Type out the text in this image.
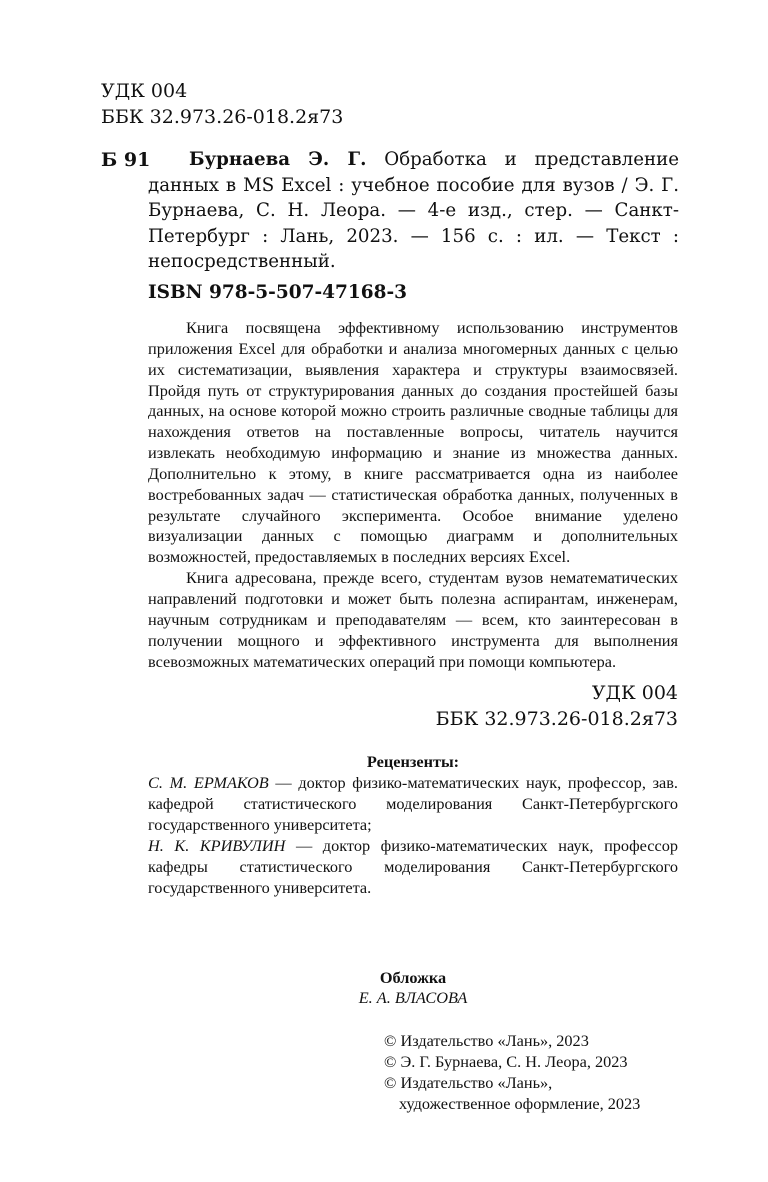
УДК 004
ББК 32.973.26-018.2я73
Б 91	Бурнаева Э. Г. Обработка и представление данных в MS Excel : учебное пособие для вузов / Э. Г. Бурнаева, С. Н. Леора. — 4-е изд., стер. — Санкт-Петербург : Лань, 2023. — 156 с. : ил. — Текст : непосредственный.
ISBN 978-5-507-47168-3

Книга посвящена эффективному использованию инструментов приложения Excel для обработки и анализа многомерных данных с целью их систематизации, выявления характера и структуры взаимосвязей. Пройдя путь от структурирования данных до создания простейшей базы данных, на основе которой можно строить различные сводные таблицы для нахождения ответов на поставленные вопросы, читатель научится извлекать необходимую информацию и знание из множества данных. Дополнительно к этому, в книге рассматривается одна из наиболее востребованных задач — статистическая обработка данных, полученных в результате случайного эксперимента. Особое внимание уделено визуализации данных с помощью диаграмм и дополнительных возможностей, предоставляемых в последних версиях Excel.

Книга адресована, прежде всего, студентам вузов нематематических направлений подготовки и может быть полезна аспирантам, инженерам, научным сотрудникам и преподавателям — всем, кто заинтересован в получении мощного и эффективного инструмента для выполнения всевозможных математических операций при помощи компьютера.

УДК 004
ББК 32.973.26-018.2я73
Рецензенты:

С. М. ЕРМАКОВ — доктор физико-математических наук, профессор, зав. кафедрой статистического моделирования Санкт-Петербургского государственного университета;

Н. К. КРИВУЛИН — доктор физико-математических наук, профессор кафедры статистического моделирования Санкт-Петербургского государственного университета.

Обложка
Е. А. ВЛАСОВА
© Издательство «Лань», 2023
© Э. Г. Бурнаева, С. Н. Леора, 2023
© Издательство «Лань»,
художественное оформление, 2023
